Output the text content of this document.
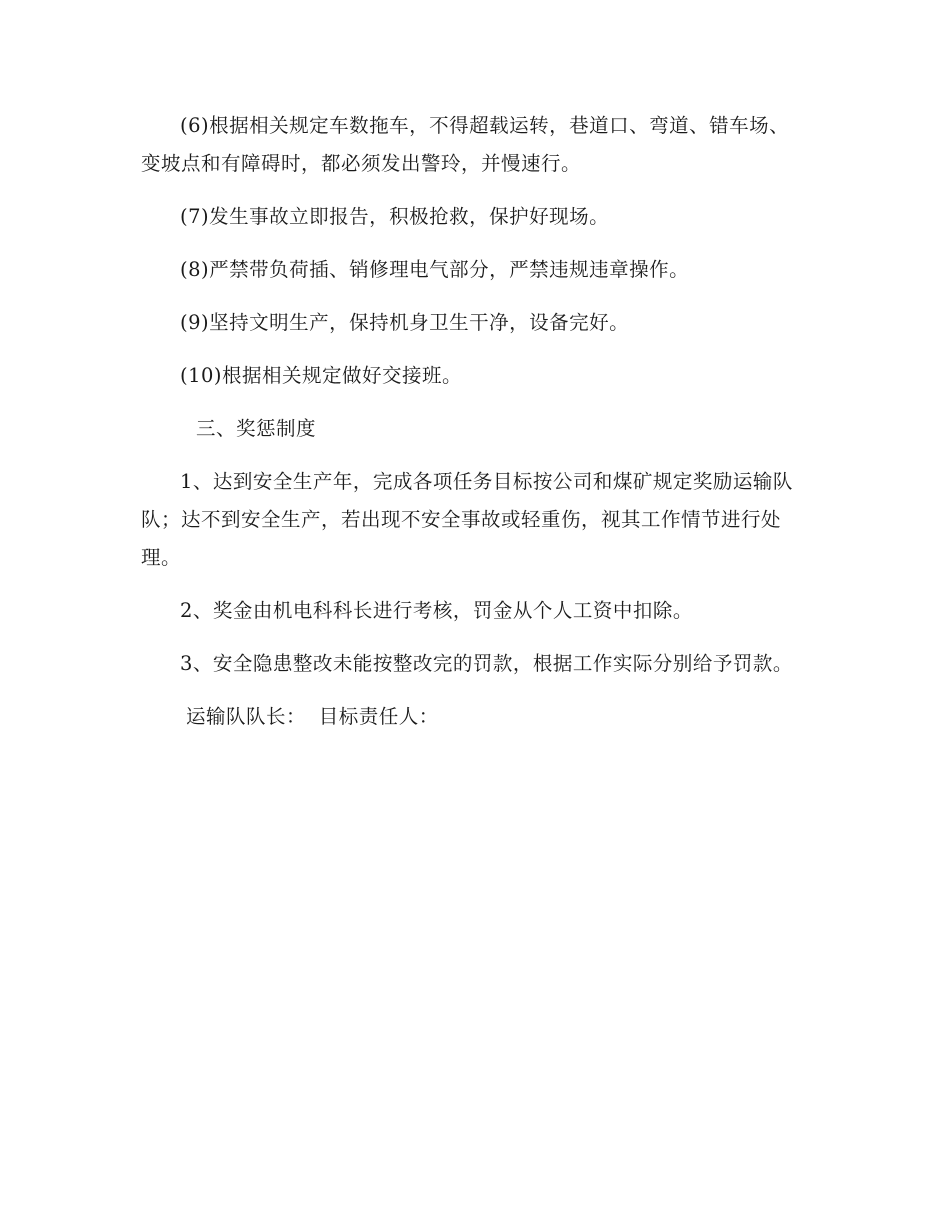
(6)根据相关规定车数拖车，不得超载运转，巷道口、弯道、错车场、变坡点和有障碍时，都必须发出警玲，并慢速行。

(7)发生事故立即报告，积极抢救，保护好现场。

(8)严禁带负荷插、销修理电气部分，严禁违规违章操作。

(9)坚持文明生产，保持机身卫生干净，设备完好。

(10)根据相关规定做好交接班。

三、奖惩制度

1、达到安全生产年，完成各项任务目标按公司和煤矿规定奖励运输队队；达不到安全生产，若出现不安全事故或轻重伤，视其工作情节进行处理。

2、奖金由机电科科长进行考核，罚金从个人工资中扣除。

3、安全隐患整改未能按整改完的罚款，根据工作实际分别给予罚款。

运输队队长： 目标责任人：
